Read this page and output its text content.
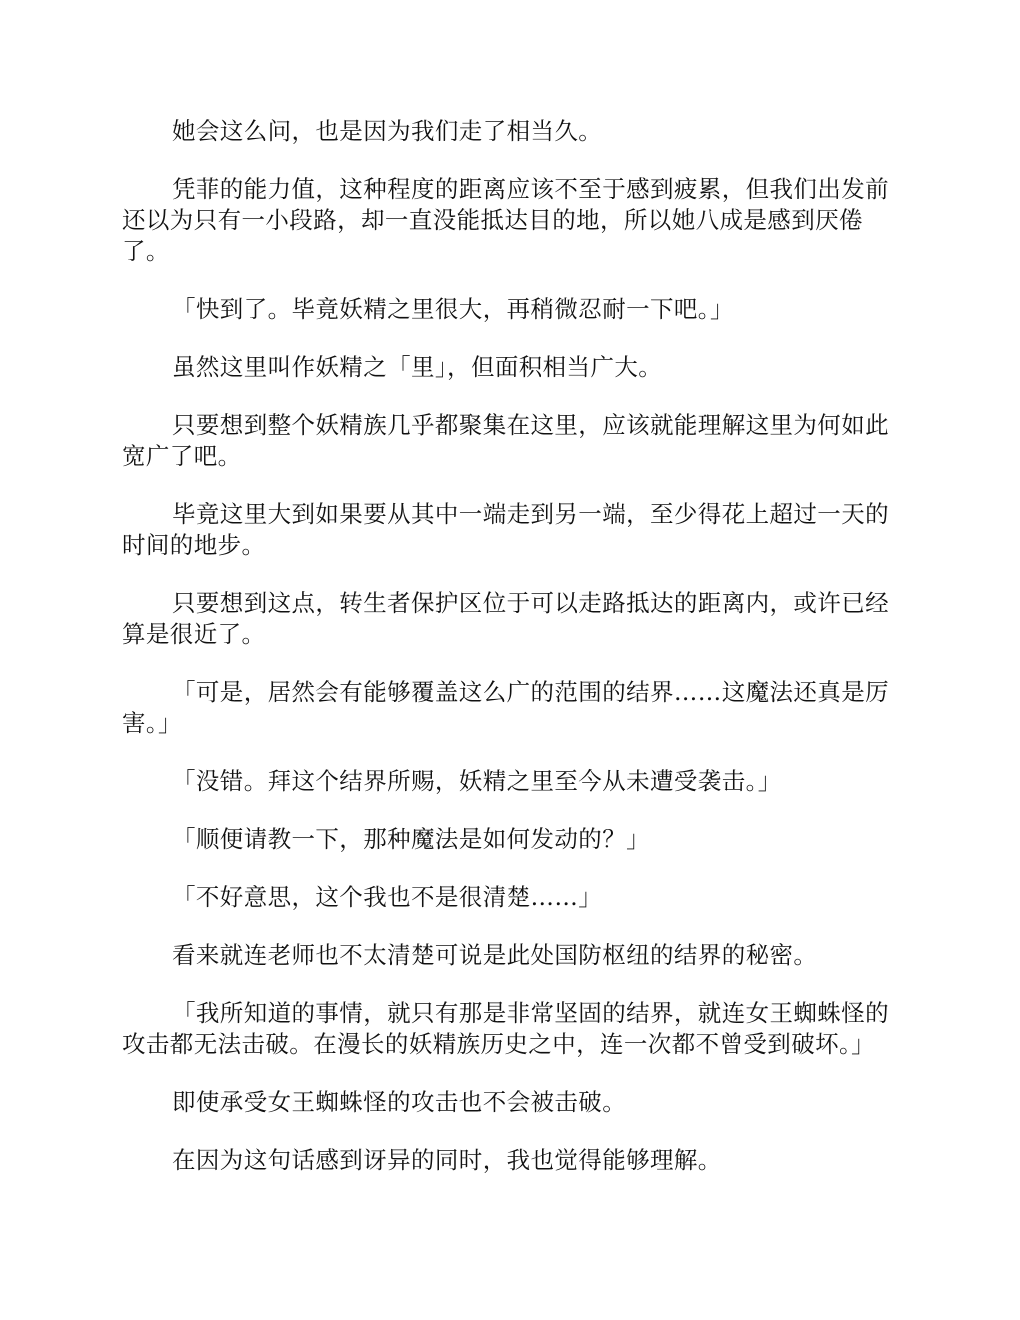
她会这么问，也是因为我们走了相当久。

凭菲的能力值，这种程度的距离应该不至于感到疲累，但我们出发前还以为只有一小段路，却一直没能抵达目的地，所以她八成是感到厌倦了。

「快到了。毕竟妖精之里很大，再稍微忍耐一下吧。」

虽然这里叫作妖精之「里」，但面积相当广大。

只要想到整个妖精族几乎都聚集在这里，应该就能理解这里为何如此宽广了吧。

毕竟这里大到如果要从其中一端走到另一端，至少得花上超过一天的时间的地步。

只要想到这点，转生者保护区位于可以走路抵达的距离内，或许已经算是很近了。

「可是，居然会有能够覆盖这么广的范围的结界……这魔法还真是厉害。」

「没错。拜这个结界所赐，妖精之里至今从未遭受袭击。」

「顺便请教一下，那种魔法是如何发动的？」

「不好意思，这个我也不是很清楚……」

看来就连老师也不太清楚可说是此处国防枢纽的结界的秘密。

「我所知道的事情，就只有那是非常坚固的结界，就连女王蜘蛛怪的攻击都无法击破。在漫长的妖精族历史之中，连一次都不曾受到破坏。」

即使承受女王蜘蛛怪的攻击也不会被击破。

在因为这句话感到讶异的同时，我也觉得能够理解。
